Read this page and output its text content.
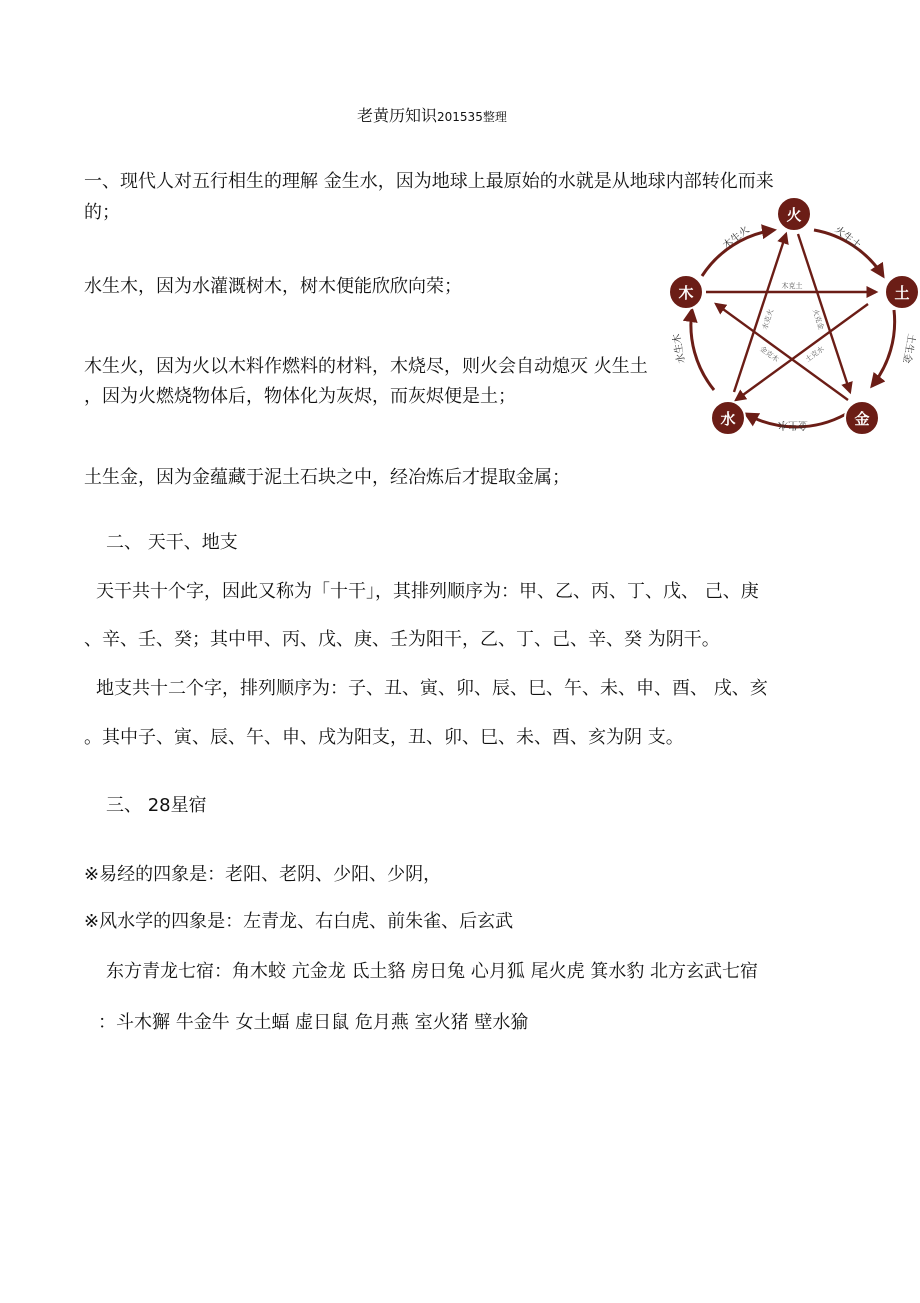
老黄历知识201535整理
一、现代人对五行相生的理解 金生水，因为地球上最原始的水就是从地球内部转化而来
的；
水生木，因为水灌溉树木，树木便能欣欣向荣；
木生火，因为火以木料作燃料的材料，木烧尽，则火会自动熄灭 火生土
，因为火燃烧物体后，物体化为灰烬，而灰烬便是土；
土生金，因为金蕴藏于泥土石块之中，经冶炼后才提取金属；
二、 天干、地支
天干共十个字，因此又称为「十干」，其排列顺序为：甲、乙、丙、丁、戊、 己、庚
、辛、壬、癸；其中甲、丙、戊、庚、壬为阳干，乙、丁、己、辛、癸 为阴干。
地支共十二个字，排列顺序为：子、丑、寅、卯、辰、巳、午、未、申、酉、 戌、亥
。其中子、寅、辰、午、申、戌为阳支，丑、卯、巳、未、酉、亥为阴 支。
三、 28星宿
※易经的四象是：老阳、老阴、少阳、少阴，
※风水学的四象是：左青龙、右白虎、前朱雀、后玄武
东方青龙七宿：角木蛟 亢金龙 氐土貉 房日兔 心月狐 尾火虎 箕水豹 北方玄武七宿
：斗木獬 牛金牛 女土蝠 虚日鼠 危月燕 室火猪 壁水㺄
木生火	火生土
土生金
金生水
水生木
木克土
水克火	火克金
金克木	土克水
火
土
金
水
木
